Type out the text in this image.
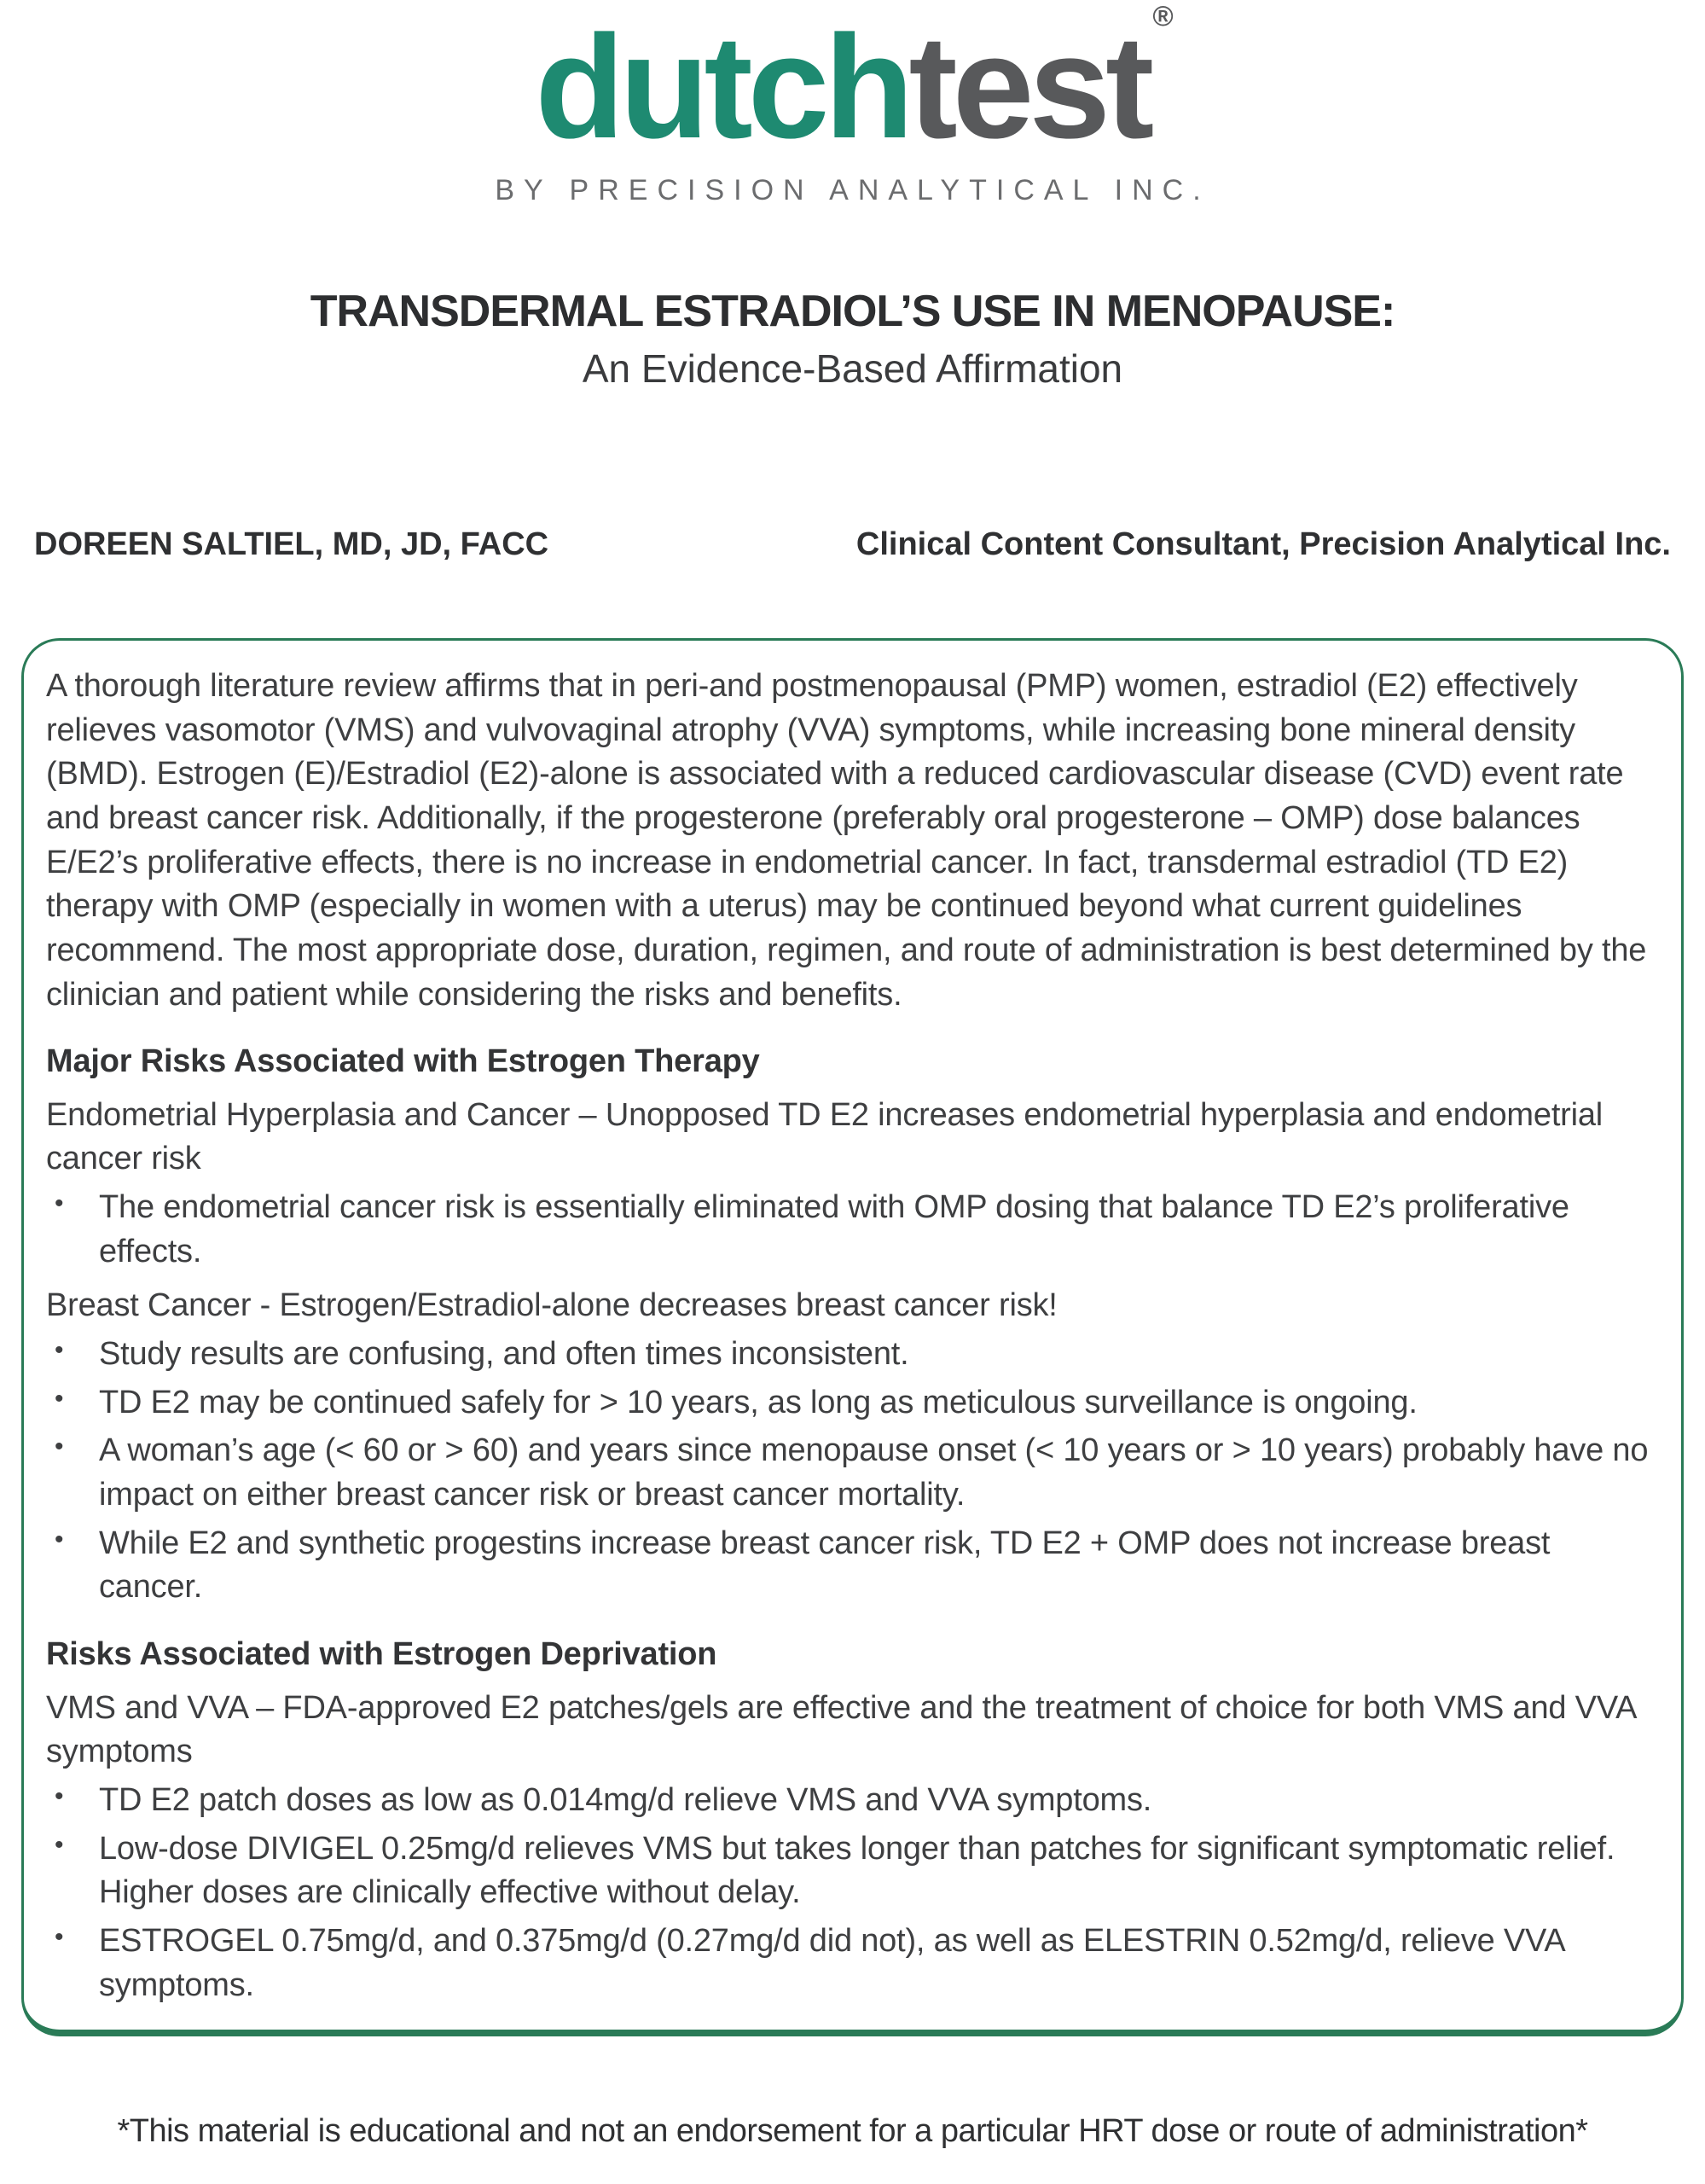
dutchtest ®
BY PRECISION ANALYTICAL INC.
TRANSDERMAL ESTRADIOL’S USE IN MENOPAUSE:
An Evidence-Based Affirmation
DOREEN SALTIEL, MD, JD, FACC	Clinical Content Consultant, Precision Analytical Inc.

A thorough literature review affirms that in peri-and postmenopausal (PMP) women, estradiol (E2) effectively relieves vasomotor (VMS) and vulvovaginal atrophy (VVA) symptoms, while increasing bone mineral density (BMD). Estrogen (E)/Estradiol (E2)-alone is associated with a reduced cardiovascular disease (CVD) event rate and breast cancer risk. Additionally, if the progesterone (preferably oral progesterone – OMP) dose balances E/E2’s proliferative effects, there is no increase in endometrial cancer. In fact, transdermal estradiol (TD E2) therapy with OMP (especially in women with a uterus) may be continued beyond what current guidelines recommend. The most appropriate dose, duration, regimen, and route of administration is best determined by the clinician and patient while considering the risks and benefits.

Major Risks Associated with Estrogen Therapy

Endometrial Hyperplasia and Cancer – Unopposed TD E2 increases endometrial hyperplasia and endometrial cancer risk

• The endometrial cancer risk is essentially eliminated with OMP dosing that balance TD E2’s proliferative effects.

Breast Cancer - Estrogen/Estradiol-alone decreases breast cancer risk!

• Study results are confusing, and often times inconsistent.
• TD E2 may be continued safely for > 10 years, as long as meticulous surveillance is ongoing.
• A woman’s age (< 60 or > 60) and years since menopause onset (< 10 years or > 10 years) probably have no impact on either breast cancer risk or breast cancer mortality.
• While E2 and synthetic progestins increase breast cancer risk, TD E2 + OMP does not increase breast cancer.
Risks Associated with Estrogen Deprivation

VMS and VVA – FDA-approved E2 patches/gels are effective and the treatment of choice for both VMS and VVA symptoms

• TD E2 patch doses as low as 0.014mg/d relieve VMS and VVA symptoms.
• Low-dose DIVIGEL 0.25mg/d relieves VMS but takes longer than patches for significant symptomatic relief. Higher doses are clinically effective without delay.
• ESTROGEL 0.75mg/d, and 0.375mg/d (0.27mg/d did not), as well as ELESTRIN 0.52mg/d, relieve VVA symptoms.
*This material is educational and not an endorsement for a particular HRT dose or route of administration*
